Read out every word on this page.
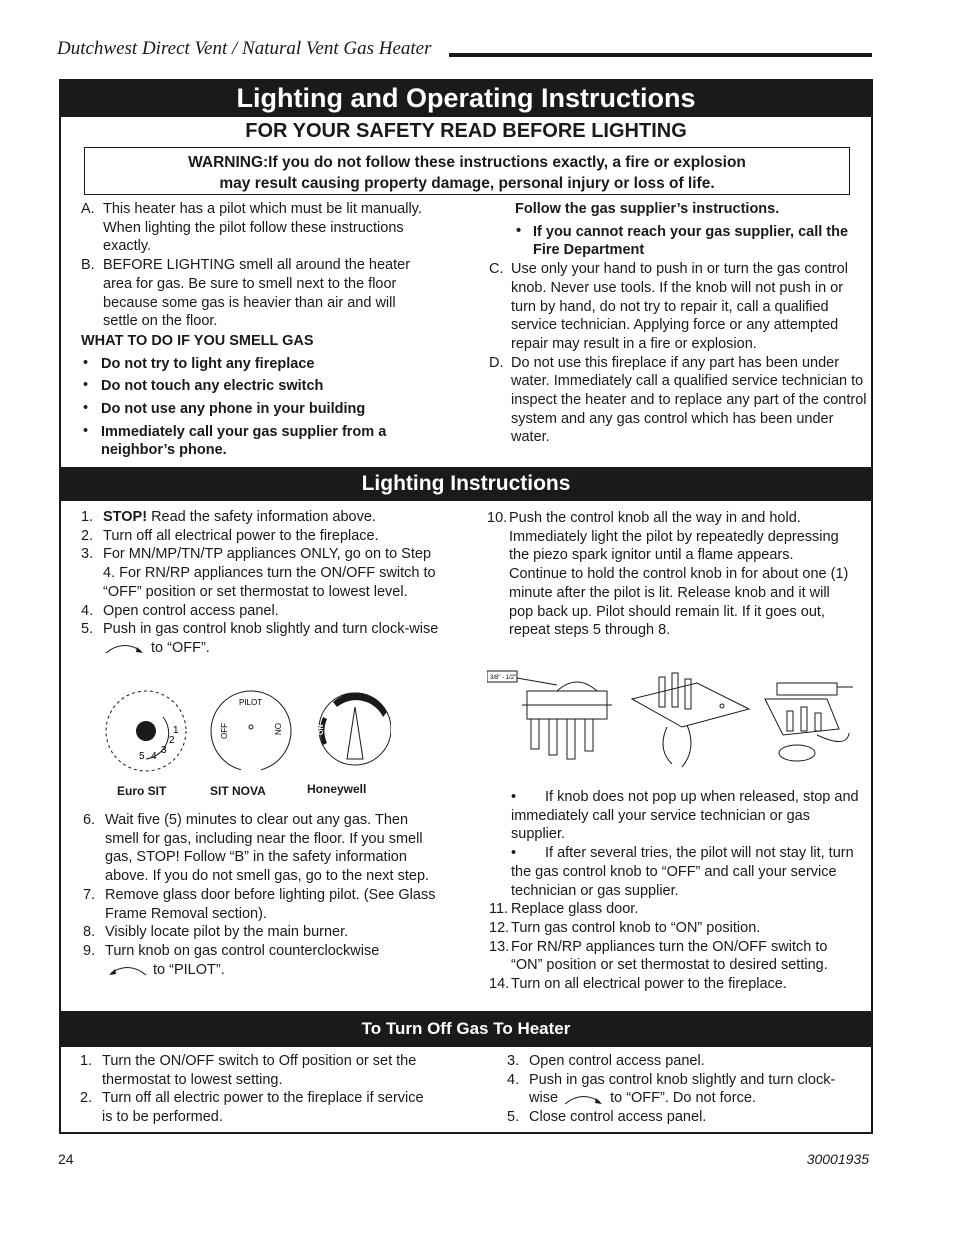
Dutchwest Direct Vent / Natural Vent Gas Heater
Lighting and Operating Instructions
FOR YOUR SAFETY READ BEFORE LIGHTING
WARNING:If you do not follow these instructions exactly, a fire or explosion
may result causing property damage, personal injury or loss of life.
A. This heater has a pilot which must be lit manually. When lighting the pilot follow these instructions exactly.
B. BEFORE LIGHTING smell all around the heater area for gas. Be sure to smell next to the floor because some gas is heavier than air and will settle on the floor.
WHAT TO DO IF YOU SMELL GAS
• Do not try to light any fireplace
• Do not touch any electric switch
• Do not use any phone in your building
• Immediately call your gas supplier from a neighbor’s phone.
Follow the gas supplier’s instructions.
• If you cannot reach your gas supplier, call the Fire Department
C. Use only your hand to push in or turn the gas control knob. Never use tools. If the knob will not push in or turn by hand, do not try to repair it, call a qualified service technician. Applying force or any attempted repair may result in a fire or explosion.
D. Do not use this fireplace if any part has been under water. Immediately call a qualified service technician to inspect the heater and to replace any part of the control system and any gas control which has been under water.
Lighting Instructions
1. STOP! Read the safety information above.
2. Turn off all electrical power to the fireplace.
3. For MN/MP/TN/TP appliances ONLY, go on to Step 4. For RN/RP appliances turn the ON/OFF switch to “OFF” position or set thermostat to lowest level.
4. Open control access panel.
5. Push in gas control knob slightly and turn clock-wise  to “OFF”.
1
2
3
4
5
PILOT
OFF	ON
OFF
PILOT
ON
Euro SIT	SIT NOVA	Honeywell
6. Wait five (5) minutes to clear out any gas. Then smell for gas, including near the floor. If you smell gas, STOP! Follow “B” in the safety information above. If you do not smell gas, go to the next step.
7. Remove glass door before lighting pilot. (See Glass Frame Removal section).
8. Visibly locate pilot by the main burner.
9. Turn knob on gas control counterclockwise
to “PILOT”.
10. Push the control knob all the way in and hold. Immediately light the pilot by repeatedly depressing the piezo spark ignitor until a flame appears. Continue to hold the control knob in for about one (1) minute after the pilot is lit. Release knob and it will pop back up. Pilot should remain lit. If it goes out, repeat steps 5 through 8.
3/8" - 1/2"
• If knob does not pop up when released, stop and immediately call your service technician or gas supplier.
• If after several tries, the pilot will not stay lit, turn the gas control knob to “OFF” and call your service technician or gas supplier.
11. Replace glass door.
12. Turn gas control knob to “ON” position.
13. For RN/RP appliances turn the ON/OFF switch to “ON” position or set thermostat to desired setting.
14. Turn on all electrical power to the fireplace.
To Turn Off Gas To Heater
1. Turn the ON/OFF switch to Off position or set the thermostat to lowest setting.
2. Turn off all electric power to the fireplace if service is to be performed.
3. Open control access panel.
4. Push in gas control knob slightly and turn clock-wise	to “OFF”. Do not force.
5. Close control access panel.
24	30001935
